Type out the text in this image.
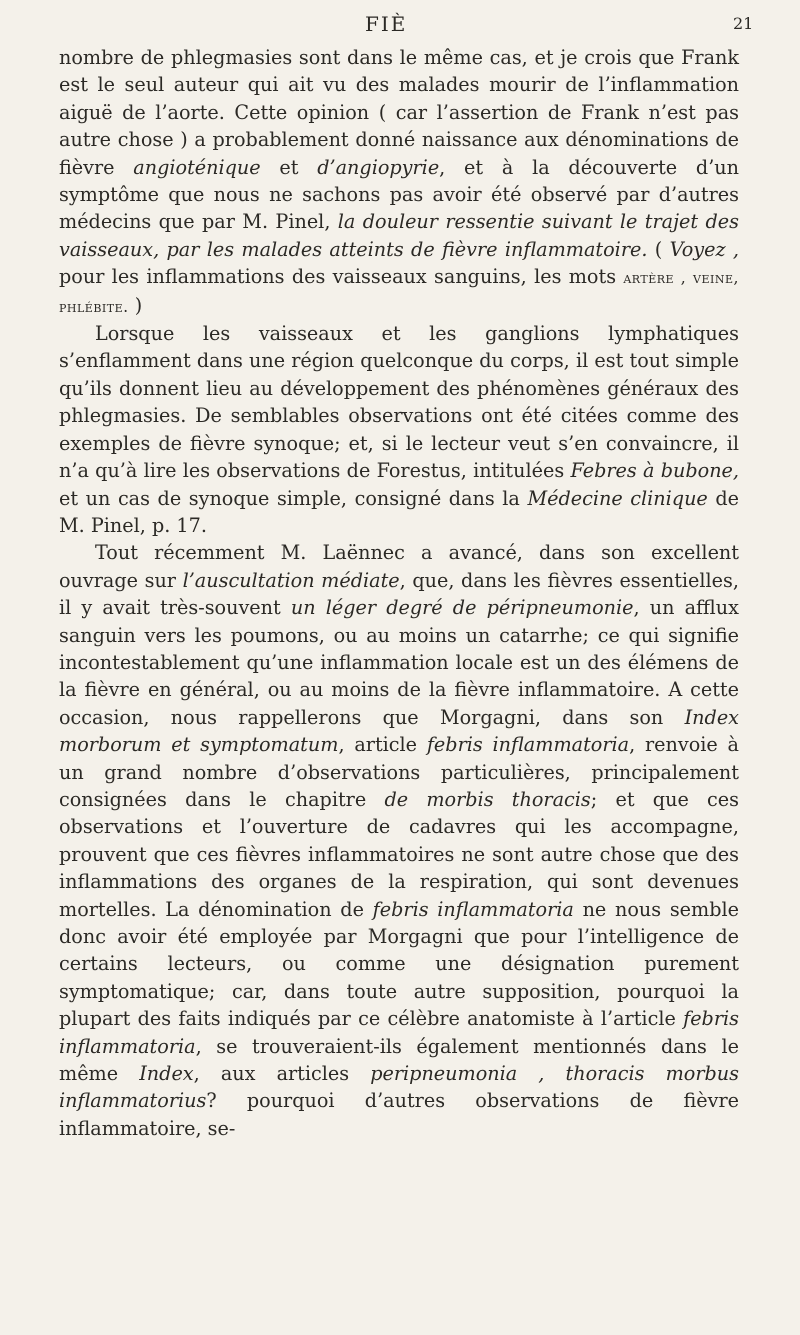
FIÈ	21

nombre de phlegmasies sont dans le même cas, et je crois que Frank est le seul auteur qui ait vu des malades mourir de l’inflammation aiguë de l’aorte. Cette opinion ( car l’assertion de Frank n’est pas autre chose ) a probablement donné naissance aux dénominations de fièvre angioténique et d’angiopyrie, et à la découverte d’un symptôme que nous ne sachons pas avoir été observé par d’autres médecins que par M. Pinel, la douleur ressentie suivant le trajet des vaisseaux, par les malades atteints de fièvre inflammatoire. ( Voyez , pour les inflammations des vaisseaux sanguins, les mots artère , veine, phlébite. )

Lorsque les vaisseaux et les ganglions lymphatiques s’enflamment dans une région quelconque du corps, il est tout simple qu’ils donnent lieu au développement des phénomènes généraux des phlegmasies. De semblables observations ont été citées comme des exemples de fièvre synoque; et, si le lecteur veut s’en convaincre, il n’a qu’à lire les observations de Forestus, intitulées Febres à bubone, et un cas de synoque simple, consigné dans la Médecine clinique de M. Pinel, p. 17.

Tout récemment M. Laënnec a avancé, dans son excellent ouvrage sur l’auscultation médiate, que, dans les fièvres essentielles, il y avait très-souvent un léger degré de péripneumonie, un afflux sanguin vers les poumons, ou au moins un catarrhe; ce qui signifie incontestablement qu’une inflammation locale est un des élémens de la fièvre en général, ou au moins de la fièvre inflammatoire. A cette occasion, nous rappellerons que Morgagni, dans son Index morborum et symptomatum, article febris inflammatoria, renvoie à un grand nombre d’observations particulières, principalement consignées dans le chapitre de morbis thoracis; et que ces observations et l’ouverture de cadavres qui les accompagne, prouvent que ces fièvres inflammatoires ne sont autre chose que des inflammations des organes de la respiration, qui sont devenues mortelles. La dénomination de febris inflammatoria ne nous semble donc avoir été employée par Morgagni que pour l’intelligence de certains lecteurs, ou comme une désignation purement symptomatique; car, dans toute autre supposition, pourquoi la plupart des faits indiqués par ce célèbre anatomiste à l’article febris inflammatoria, se trouveraient-ils également mentionnés dans le même Index, aux articles peripneumonia , thoracis morbus inflammatorius? pourquoi d’autres observations de fièvre inflammatoire, se-
